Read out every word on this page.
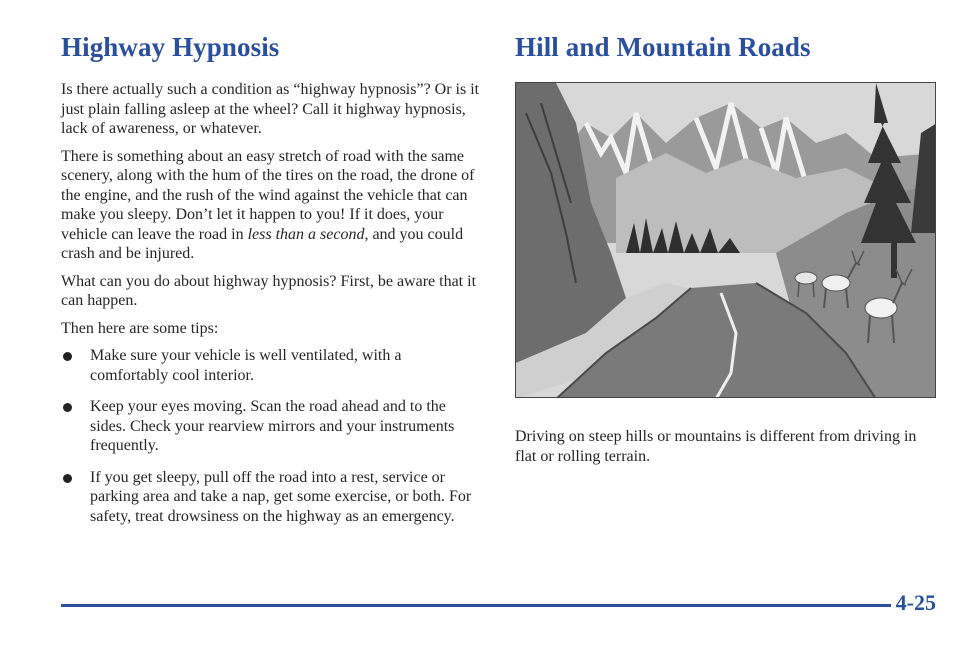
Highway Hypnosis

Is there actually such a condition as “highway hypnosis”? Or is it just plain falling asleep at the wheel? Call it highway hypnosis, lack of awareness, or whatever.

There is something about an easy stretch of road with the same scenery, along with the hum of the tires on the road, the drone of the engine, and the rush of the wind against the vehicle that can make you sleepy. Don’t let it happen to you! If it does, your vehicle can leave the road in less than a second, and you could crash and be injured.

What can you do about highway hypnosis? First, be aware that it can happen.

Then here are some tips:

Make sure your vehicle is well ventilated, with a comfortably cool interior.
Keep your eyes moving. Scan the road ahead and to the sides. Check your rearview mirrors and your instruments frequently.
If you get sleepy, pull off the road into a rest, service or parking area and take a nap, get some exercise, or both. For safety, treat drowsiness on the highway as an emergency.
Hill and Mountain Roads

Driving on steep hills or mountains is different from driving in flat or rolling terrain.

4-25
